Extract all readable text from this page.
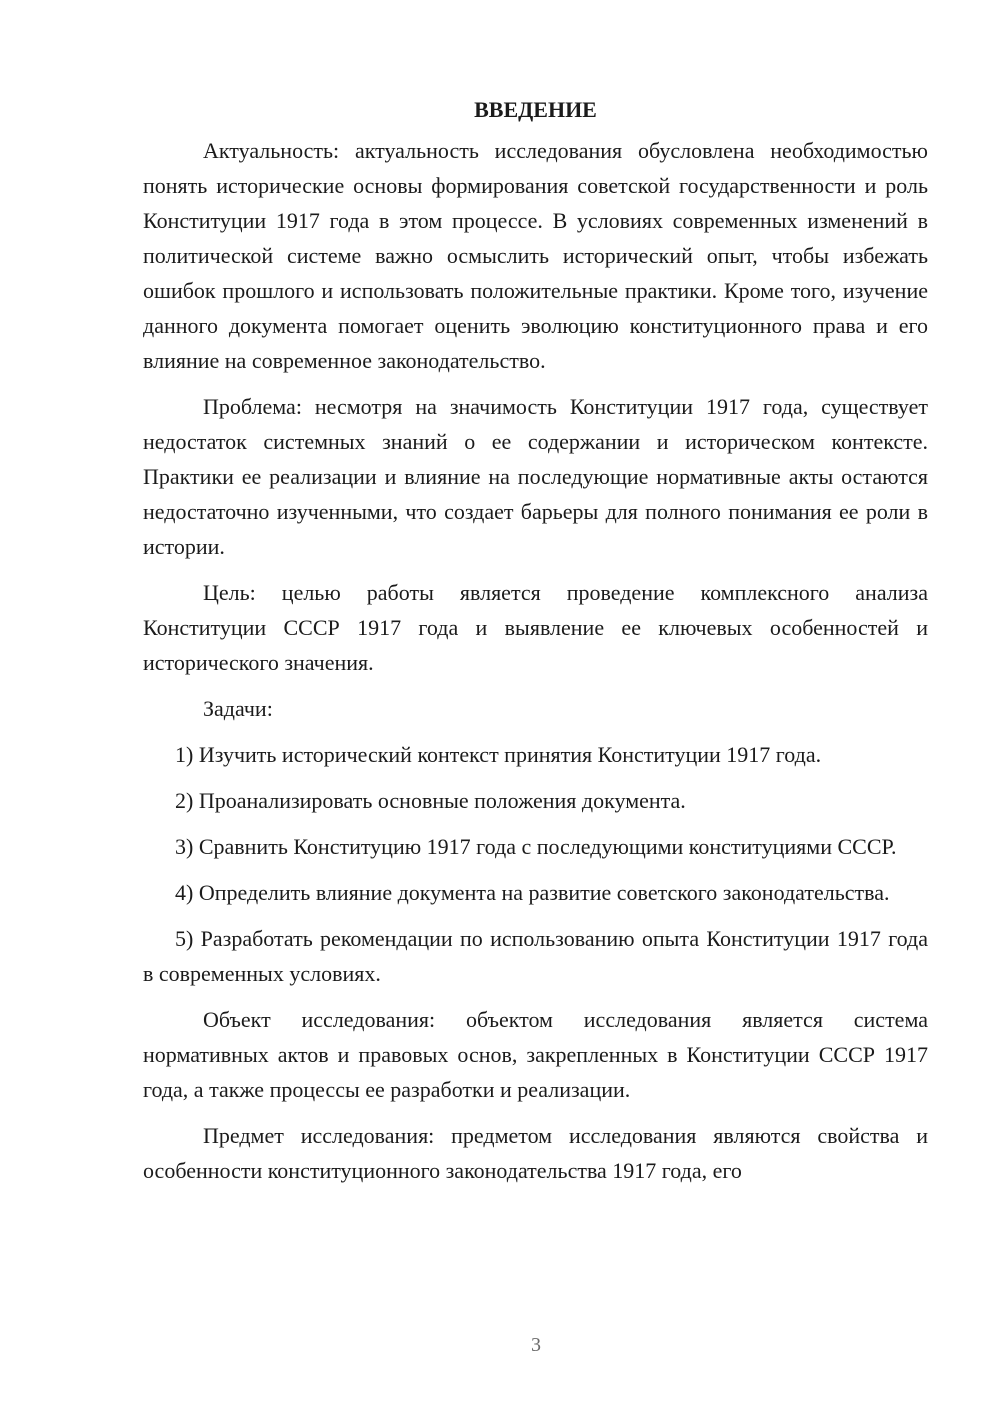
ВВЕДЕНИЕ

Актуальность: актуальность исследования обусловлена необходимостью понять исторические основы формирования советской государственности и роль Конституции 1917 года в этом процессе. В условиях современных изменений в политической системе важно осмыслить исторический опыт, чтобы избежать ошибок прошлого и использовать положительные практики. Кроме того, изучение данного документа помогает оценить эволюцию конституционного права и его влияние на современное законодательство.

Проблема: несмотря на значимость Конституции 1917 года, существует недостаток системных знаний о ее содержании и историческом контексте. Практики ее реализации и влияние на последующие нормативные акты остаются недостаточно изученными, что создает барьеры для полного понимания ее роли в истории.

Цель: целью работы является проведение комплексного анализа Конституции СССР 1917 года и выявление ее ключевых особенностей и исторического значения.

Задачи:

1) Изучить исторический контекст принятия Конституции 1917 года.

2) Проанализировать основные положения документа.

3) Сравнить Конституцию 1917 года с последующими конституциями СССР.

4) Определить влияние документа на развитие советского законодательства.

5) Разработать рекомендации по использованию опыта Конституции 1917 года в современных условиях.

Объект исследования: объектом исследования является система нормативных актов и правовых основ, закрепленных в Конституции СССР 1917 года, а также процессы ее разработки и реализации.

Предмет исследования: предметом исследования являются свойства и особенности конституционного законодательства 1917 года, его

3
